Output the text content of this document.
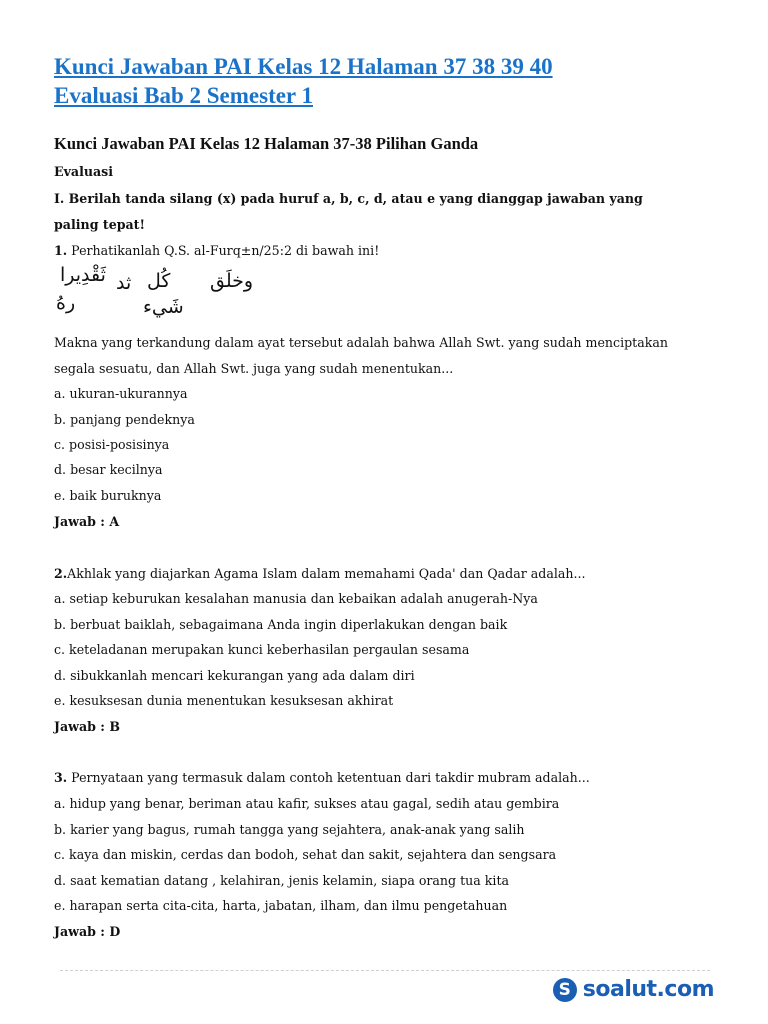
Kunci Jawaban PAI Kelas 12 Halaman 37 38 39 40
Evaluasi Bab 2 Semester 1
Kunci Jawaban PAI Kelas 12 Halaman 37-38 Pilihan Ganda
Evaluasi
I. Berilah tanda silang (x) pada huruf a, b, c, d, atau e yang dianggap jawaban yang
paling tepat!
1. Perhatikanlah Q.S. al-Furq±n/25:2 di bawah ini!
وخلَق
كُل
ثد
ثَقْدِيرا
شَيء
رهُ
Makna yang terkandung dalam ayat tersebut adalah bahwa Allah Swt. yang sudah menciptakan
segala sesuatu, dan Allah Swt. juga yang sudah menentukan...
a. ukuran-ukurannya
b. panjang pendeknya
c. posisi-posisinya
d. besar kecilnya
e. baik buruknya
Jawab : A
2.Akhlak yang diajarkan Agama Islam dalam memahami Qada' dan Qadar adalah...
a. setiap keburukan kesalahan manusia dan kebaikan adalah anugerah-Nya
b. berbuat baiklah, sebagaimana Anda ingin diperlakukan dengan baik
c. keteladanan merupakan kunci keberhasilan pergaulan sesama
d. sibukkanlah mencari kekurangan yang ada dalam diri
e. kesuksesan dunia menentukan kesuksesan akhirat
Jawab : B
3. Pernyataan yang termasuk dalam contoh ketentuan dari takdir mubram adalah...
a. hidup yang benar, beriman atau kafir, sukses atau gagal, sedih atau gembira
b. karier yang bagus, rumah tangga yang sejahtera, anak-anak yang salih
c. kaya dan miskin, cerdas dan bodoh, sehat dan sakit, sejahtera dan sengsara
d. saat kematian datang , kelahiran, jenis kelamin, siapa orang tua kita
e. harapan serta cita-cita, harta, jabatan, ilham, dan ilmu pengetahuan
Jawab : D
S soalut.com
